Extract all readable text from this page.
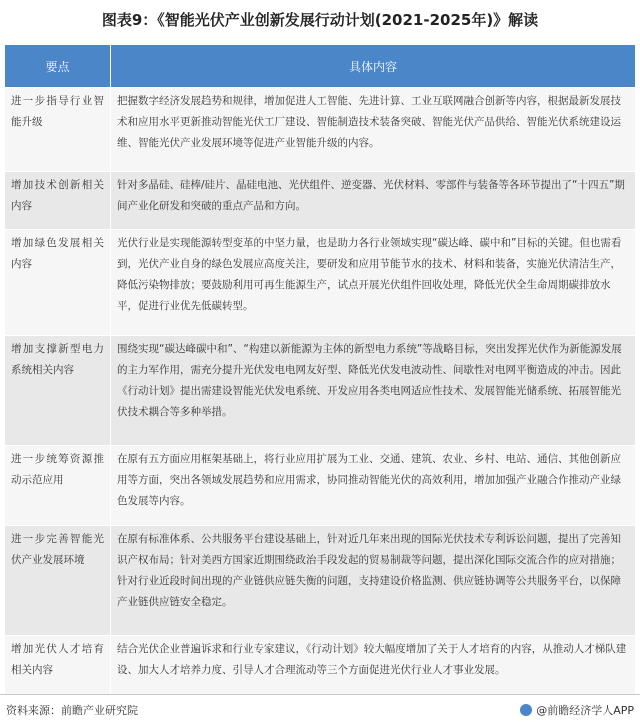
图表9：《智能光伏产业创新发展行动计划(2021-2025年)》解读
要点	具体内容
进一步指导行业智能升级	把握数字经济发展趋势和规律，增加促进人工智能、先进计算、工业互联网融合创新等内容，根据最新发展技术和应用水平更新推动智能光伏工厂建设、智能制造技术装备突破、智能光伏产品供给、智能光伏系统建设运维、智能光伏产业发展环境等促进产业智能升级的内容。
增加技术创新相关内容	针对多晶硅、硅棒/硅片、晶硅电池、光伏组件、逆变器、光伏材料、零部件与装备等各环节提出了“十四五”期间产业化研发和突破的重点产品和方向。
增加绿色发展相关内容	光伏行业是实现能源转型变革的中坚力量，也是助力各行业领域实现“碳达峰、碳中和”目标的关键。但也需看到，光伏产业自身的绿色发展应高度关注，要研发和应用节能节水的技术、材料和装备，实施光伏清洁生产，降低污染物排放；要鼓励利用可再生能源生产，试点开展光伏组件回收处理，降低光伏全生命周期碳排放水平，促进行业优先低碳转型。
增加支撑新型电力系统相关内容	围绕实现“碳达峰碳中和”、“构建以新能源为主体的新型电力系统”等战略目标，突出发挥光伏作为新能源发展的主力军作用，需充分提升光伏发电电网友好型、降低光伏发电波动性、间歇性对电网平衡造成的冲击。因此《行动计划》提出需建设智能光伏发电系统、开发应用各类电网适应性技术、发展智能光储系统、拓展智能光伏技术耦合等多种举措。
进一步统筹资源推动示范应用	在原有五方面应用框架基础上，将行业应用扩展为工业、交通、建筑、农业、乡村、电站、通信、其他创新应用等方面，突出各领域发展趋势和应用需求，协同推动智能光伏的高效利用，增加加强产业融合作推动产业绿色发展等内容。
进一步完善智能光伏产业发展环境	在原有标准体系、公共服务平台建设基础上，针对近几年来出现的国际光伏技术专利诉讼问题，提出了完善知识产权布局；针对美西方国家近期围绕政治手段发起的贸易制裁等问题，提出深化国际交流合作的应对措施；针对行业近段时间出现的产业链供应链失衡的问题，支持建设价格监测、供应链协调等公共服务平台，以保障产业链供应链安全稳定。
增加光伏人才培育相关内容	结合光伏企业普遍诉求和行业专家建议，《行动计划》较大幅度增加了关于人才培育的内容，从推动人才梯队建设、加大人才培养力度、引导人才合理流动等三个方面促进光伏行业人才事业发展。
资料来源：前瞻产业研究院	@前瞻经济学人APP
